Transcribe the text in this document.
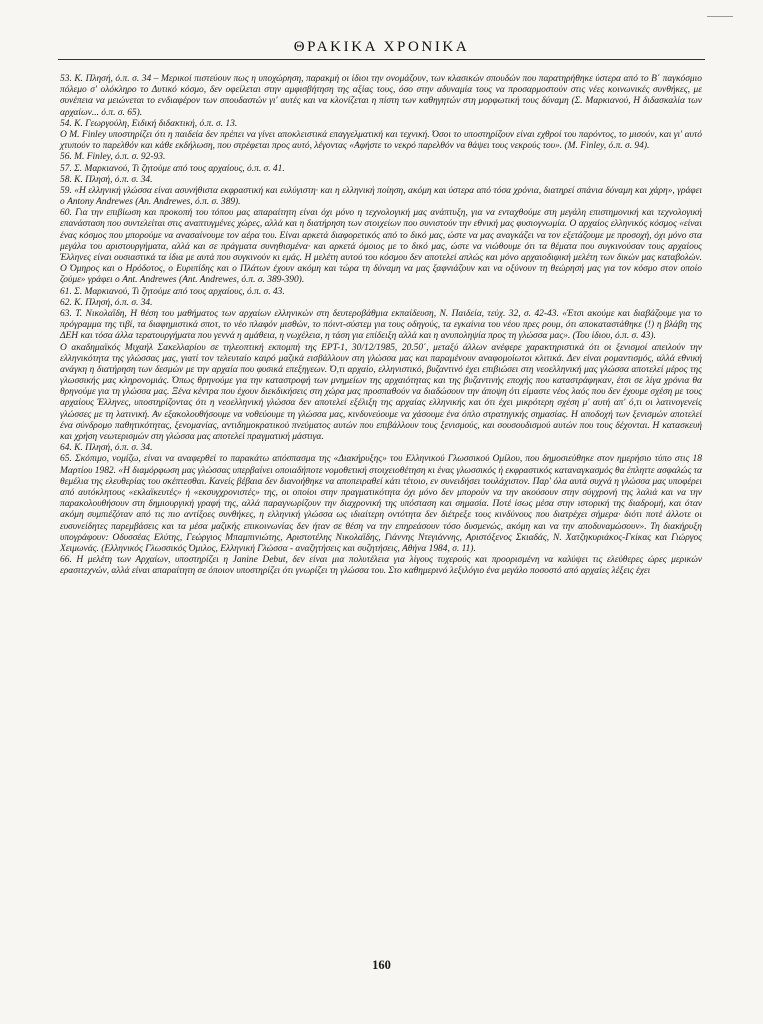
ΘΡΑΚΙΚΑ ΧΡΟΝΙΚΑ

53. Κ. Πλησή, ό.π. σ. 34 – Μερικοί πιστεύουν πως η υποχώρηση, παρακμή οι ίδιοι την ονομάζουν, των κλασικών σπουδών που παρατηρήθηκε ύστερα από το Β΄ παγκόσμιο πόλεμο σ' ολόκληρο το Δυτικό κόσμο, δεν οφείλεται στην αμφισβήτηση της αξίας τους, όσο στην αδυναμία τους να προσαρμοστούν στις νέες κοινωνικές συνθήκες, με συνέπεια να μειώνεται το ενδιαφέρον των σπουδαστών γι' αυτές και να κλονίζεται η πίστη των καθηγητών στη μορφωτική τους δύναμη (Σ. Μαρκιανού, Η διδασκαλία των αρχαίων... ό.π. σ. 65).

54. Κ. Γεωργούλη, Ειδική διδακτική, ό.π. σ. 13.

Ο Μ. Finley υποστηρίζει ότι η παιδεία δεν πρέπει να γίνει αποκλειστικά επαγγελματική και τεχνική. Όσοι το υποστηρίζουν είναι εχθροί του παρόντος, το μισούν, και γι' αυτό χτυπούν το παρελθόν και κάθε εκδήλωση, που στρέφεται προς αυτό, λέγοντας «Αφήστε το νεκρό παρελθόν να θάψει τους νεκρούς του». (M. Finley, ό.π. σ. 94).

56. M. Finley, ό.π. σ. 92-93.

57. Σ. Μαρκιανού, Τι ζητούμε από τους αρχαίους, ό.π. σ. 41.

58. Κ. Πλησή, ό.π. σ. 34.

59. «Η ελληνική γλώσσα είναι ασυνήθιστα εκφραστική και ευλύγιστη· και η ελληνική ποίηση, ακόμη και ύστερα από τόσα χρόνια, διατηρεί σπάνια δύναμη και χάρη», γράφει ο Antony Andrewes (An. Andrewes, ό.π. σ. 389).

60. Για την επιβίωση και προκοπή του τόπου μας απαραίτητη είναι όχι μόνο η τεχνολογική μας ανάπτυξη, για να ενταχθούμε στη μεγάλη επιστημονική και τεχνολογική επανάσταση που συντελείται στις αναπτυγμένες χώρες, αλλά και η διατήρηση των στοιχείων που συνιστούν την εθνική μας φυσιογνωμία. Ο αρχαίος ελληνικός κόσμος «είναι ένας κόσμος που μπορούμε να ανασαίνουμε τον αέρα του. Είναι αρκετά διαφορετικός από το δικό μας, ώστε να μας αναγκάζει να τον εξετάζουμε με προσοχή, όχι μόνο στα μεγάλα του αριστουργήματα, αλλά και σε πράγματα συνηθισμένα· και αρκετά όμοιος με το δικό μας, ώστε να νιώθουμε ότι τα θέματα που συγκινούσαν τους αρχαίους Έλληνες είναι ουσιαστικά τα ίδια με αυτά που συγκινούν κι εμάς. Η μελέτη αυτού του κόσμου δεν αποτελεί απλώς και μόνο αρχαιοδιφική μελέτη των δικών μας καταβολών. Ο Όμηρος και ο Ηρόδοτος, ο Ευριπίδης και ο Πλάτων έχουν ακόμη και τώρα τη δύναμη να μας ξαφνιάζουν και να οξύνουν τη θεώρησή μας για τον κόσμο στον οποίο ζούμε» γράφει ο Ant. Andrewes (Ant. Andrewes, ό.π. σ. 389-390).

61. Σ. Μαρκιανού, Τι ζητούμε από τους αρχαίους, ό.π. σ. 43.

62. Κ. Πλησή, ό.π. σ. 34.

63. Τ. Νικολαΐδη, Η θέση του μαθήματος των αρχαίων ελληνικών στη δευτεροβάθμια εκπαίδευση, Ν. Παιδεία, τεύχ. 32, σ. 42-43. «Έτσι ακούμε και διαβάζουμε για το πρόγραμμα της τιβί, τα διαφημιστικά σποτ, το νέο πλαφόν μισθών, το πόιντ-σύστεμ για τους οδηγούς, τα εγκαίνια του νέου πρες ρουμ, ότι αποκαταστάθηκε (!) η βλάβη της ΔΕΗ και τόσα άλλα τερατουργήματα που γεννά η αμάθεια, η νωχέλεια, η τάση για επίδειξη αλλά και η ανυποληψία προς τη γλώσσα μας». (Του ίδιου, ό.π. σ. 43).

Ο ακαδημαϊκός Μιχαήλ Σακελλαρίου σε τηλεοπτική εκπομπή της ΕΡΤ-1, 30/12/1985, 20.50΄, μεταξύ άλλων ανέφερε χαρακτηριστικά ότι οι ξενισμοί απειλούν την ελληνικότητα της γλώσσας μας, γιατί τον τελευταίο καιρό μαζικά εισβάλλουν στη γλώσσα μας και παραμένουν αναφομοίωτοι κλιτικά. Δεν είναι ρομαντισμός, αλλά εθνική ανάγκη η διατήρηση των δεσμών με την αρχαία που φυσικά επεξηγεων. Ό,τι αρχαίο, ελληνιστικό, βυζαντινό έχει επιβιώσει στη νεοελληνική μας γλώσσα αποτελεί μέρος της γλωσσικής μας κληρονομιάς. Όπως θρηνούμε για την καταστροφή των μνημείων της αρχαιότητας και της βυζαντινής εποχής που καταστράφηκαν, έτσι σε λίγα χρόνια θα θρηνούμε για τη γλώσσα μας. Ξένα κέντρα που έχουν διεκδικήσεις στη χώρα μας προσπαθούν να διαδώσουν την άποψη ότι είμαστε νέος λαός που δεν έχουμε σχέση με τους αρχαίους Έλληνες, υποστηρίζοντας ότι η νεοελληνική γλώσσα δεν αποτελεί εξέλιξη της αρχαίας ελληνικής και ότι έχει μικρότερη σχέση μ' αυτή απ' ό,τι οι λατινογενείς γλώσσες με τη λατινική. Αν εξακολουθήσουμε να νοθεύουμε τη γλώσσα μας, κινδυνεύουμε να χάσουμε ένα όπλο στρατηγικής σημασίας. Η αποδοχή των ξενισμών αποτελεί ένα σύνδρομο παθητικότητας, ξενομανίας, αντιδημοκρατικού πνεύματος αυτών που επιβάλλουν τους ξενισμούς, και σουσουδισμού αυτών που τους δέχονται. Η κατασκευή και χρήση νεωτερισμών στη γλώσσα μας αποτελεί πραγματική μάστιγα.

64. Κ. Πλησή, ό.π. σ. 34.

65. Σκόπιμο, νομίζω, είναι να αναφερθεί το παρακάτω απόσπασμα της «Διακήρυξης» του Ελληνικού Γλωσσικού Ομίλου, που δημοσιεύθηκε στον ημερήσιο τύπο στις 18 Μαρτίου 1982. «Η διαμόρφωση μας γλώσσας υπερβαίνει οποιαδήποτε νομοθετική στοιχειοθέτηση κι ένας γλωσσικός ή εκφραστικός καταναγκασμός θα έπληττε ασφαλώς τα θεμέλια της ελευθερίας του σκέπτεσθαι. Κανείς βέβαια δεν διανοήθηκε να αποπειραθεί κάτι τέτοιο, εν συνειδήσει τουλάχιστον. Παρ' όλα αυτά συχνά η γλώσσα μας υποφέρει από αυτόκλητους «εκλαϊκευτές» ή «εκσυγχρονιστές» της, οι οποίοι στην πραγματικότητα όχι μόνο δεν μπορούν να την ακούσουν στην σύγχρονή της λαλιά και να την παρακολουθήσουν στη δημιουργική γραφή της, αλλά παραγνωρίζουν την διαχρονική της υπόσταση και σημασία. Ποτέ ίσως μέσα στην ιστορική της διαδρομή, και όταν ακόμη συμπιέζόταν από τις πιο αντίξοες συνθήκες, η ελληνική γλώσσα ως ιδιαίτερη οντότητα δεν διέτρεξε τους κινδύνους που διατρέχει σήμερα· διότι ποτέ άλλοτε οι ευσυνείδητες παρεμβάσεις και τα μέσα μαζικής επικοινωνίας δεν ήταν σε θέση να την επηρεάσουν τόσο δυσμενώς, ακόμη και να την αποδυναμώσουν». Τη διακήρυξη υπογράφουν: Οδυσσέας Ελύτης, Γεώργιος Μπαμπινιώτης, Αριστοτέλης Νικολαΐδης, Γιάννης Ντεγιάννης, Αριστόξενος Σκιαδάς, Ν. Χατζηκυριάκος-Γκίκας και Γιώργος Χειμωνάς. (Ελληνικός Γλωσσικός Όμιλος, Ελληνική Γλώσσα - αναζητήσεις και συζητήσεις, Αθήνα 1984, σ. 11).

66. Η μελέτη των Αρχαίων, υποστηρίζει η Janine Debut, δεν είναι μια πολυτέλεια για λίγους τυχερούς και προορισμένη να καλύψει τις ελεύθερες ώρες μερικών ερασιτεχνών, αλλά είναι απαραίτητη σε όποιον υποστηρίζει ότι γνωρίζει τη γλώσσα του. Στο καθημερινό λεξιλόγιο ένα μεγάλο ποσοστό από αρχαίες λέξεις έχει

160
